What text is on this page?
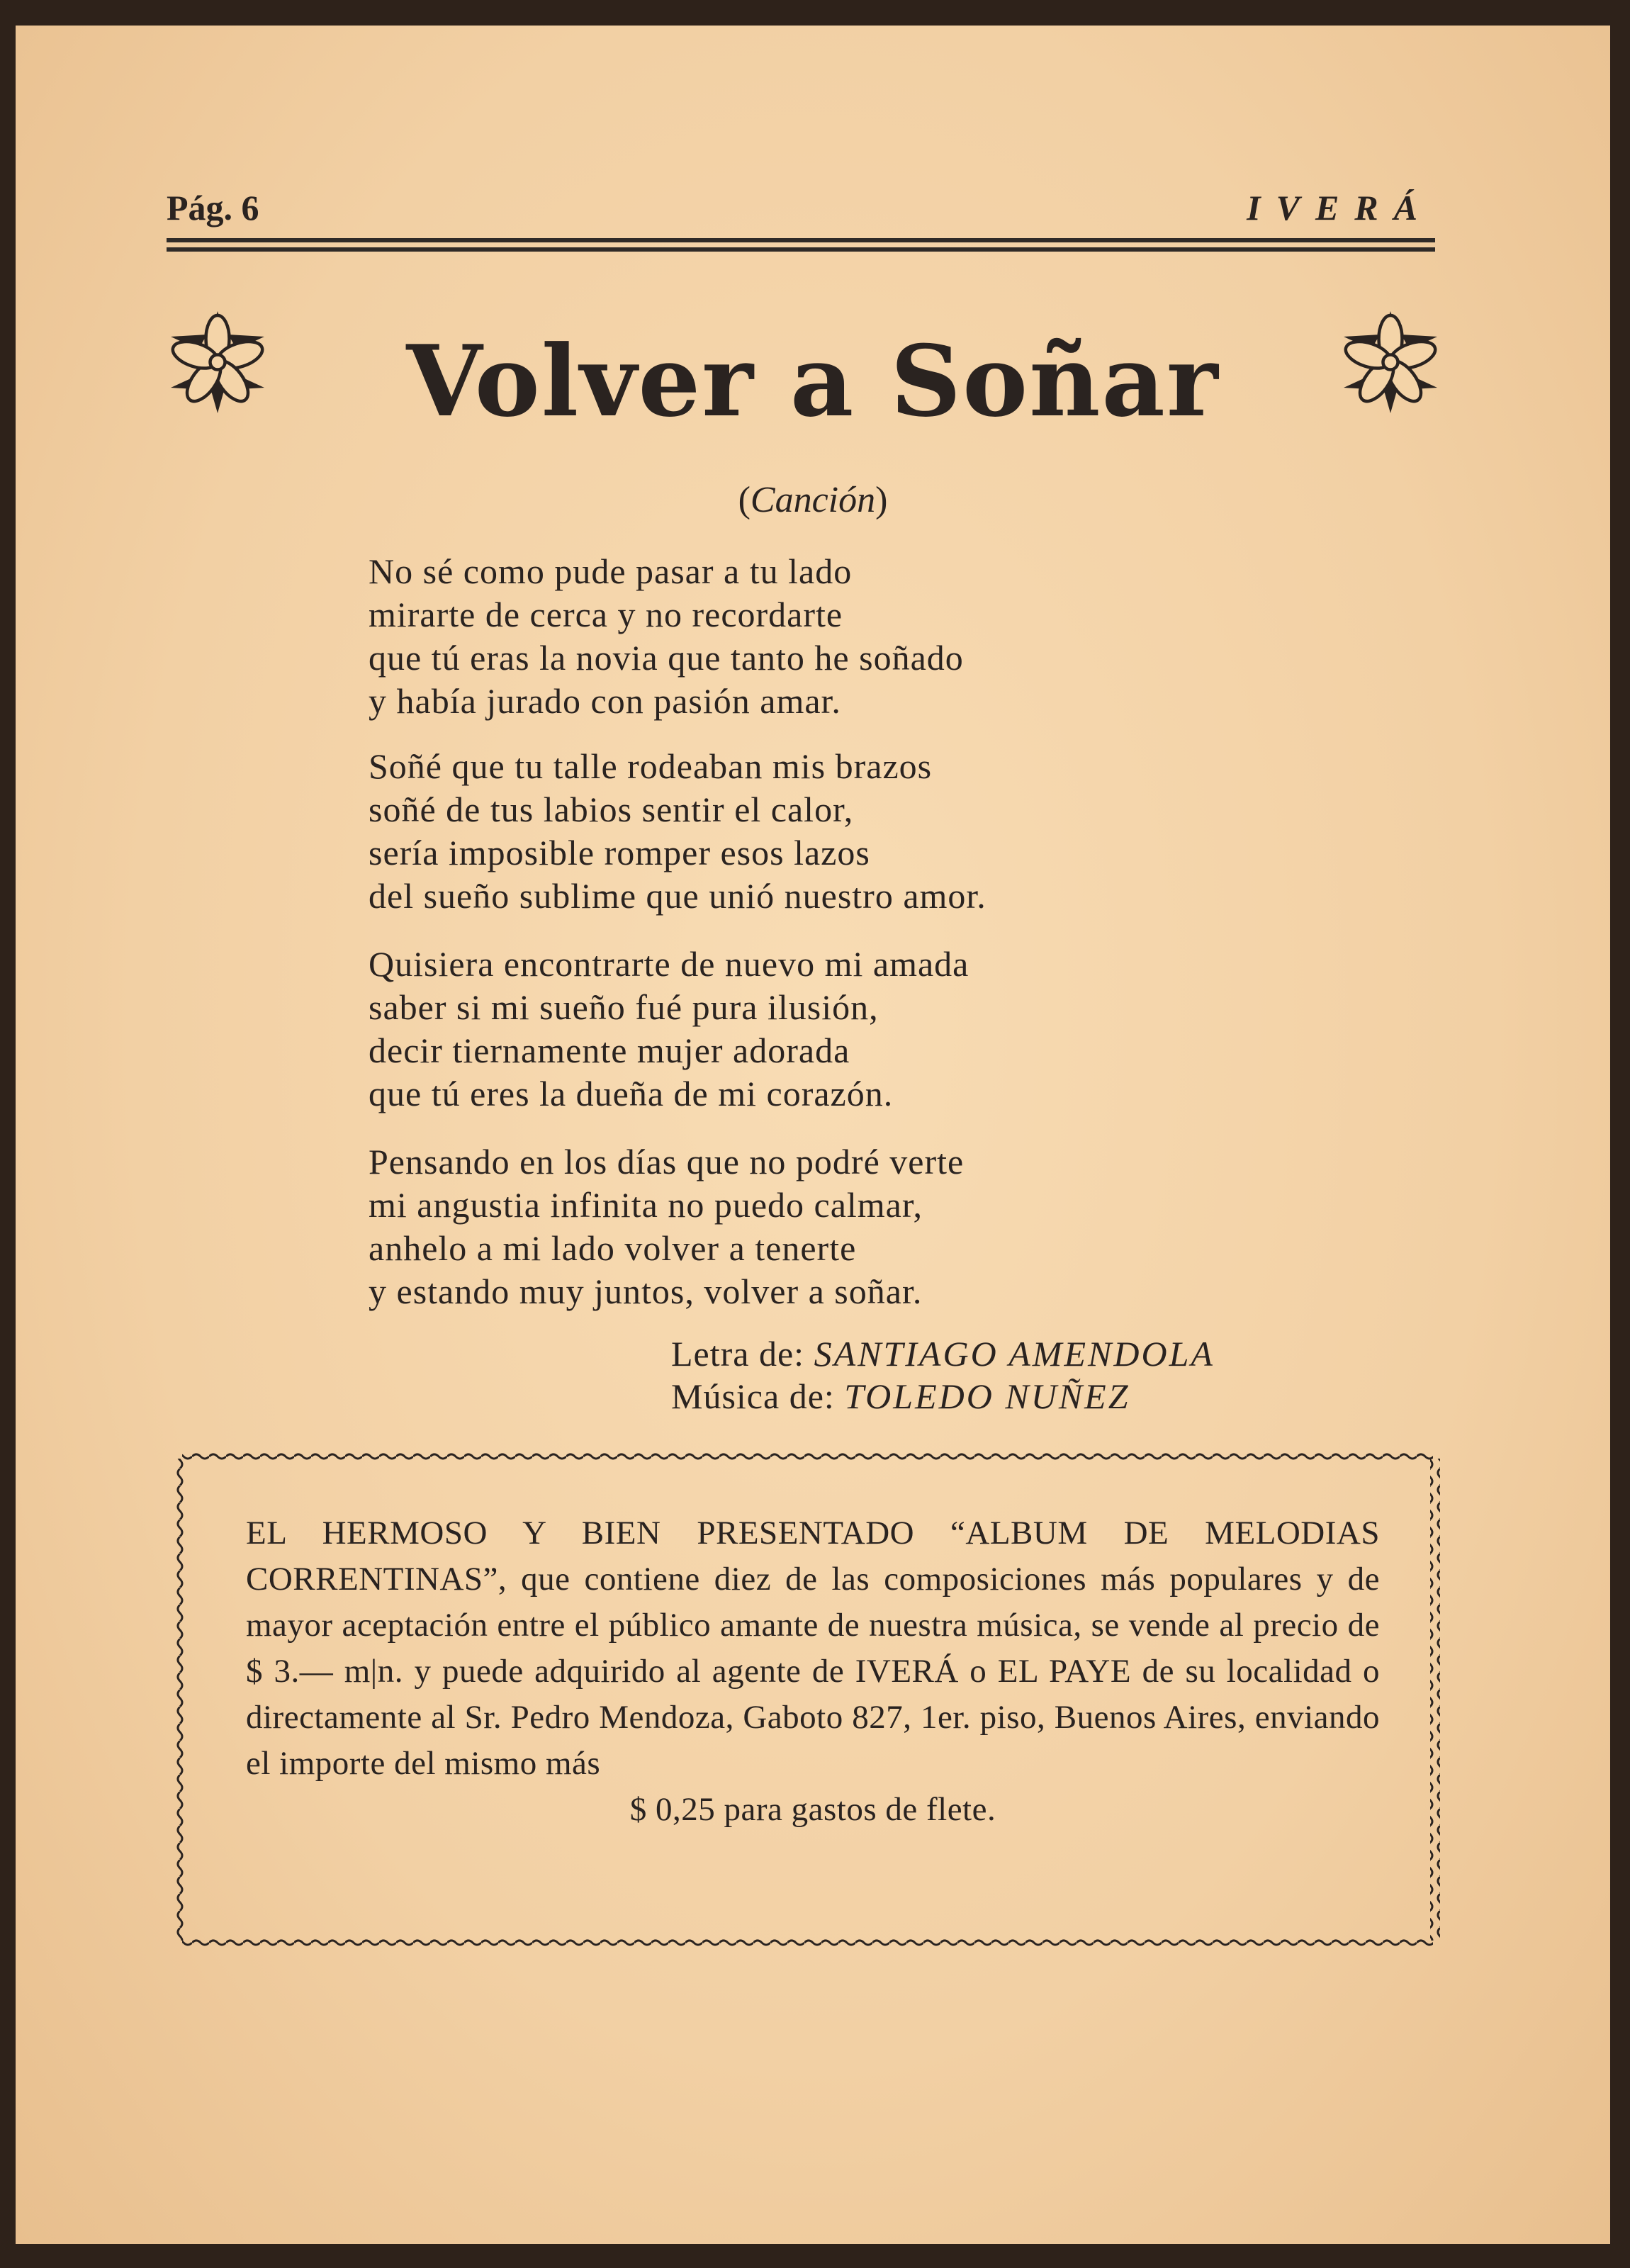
Pág. 6	IVERÁ
Volver a Soñar
(Canción)
No sé como pude pasar a tu lado
mirarte de cerca y no recordarte
que tú eras la novia que tanto he soñado
y había jurado con pasión amar.
Soñé que tu talle rodeaban mis brazos
soñé de tus labios sentir el calor,
sería imposible romper esos lazos
del sueño sublime que unió nuestro amor.
Quisiera encontrarte de nuevo mi amada
saber si mi sueño fué pura ilusión,
decir tiernamente mujer adorada
que tú eres la dueña de mi corazón.
Pensando en los días que no podré verte
mi angustia infinita no puedo calmar,
anhelo a mi lado volver a tenerte
y estando muy juntos, volver a soñar.
Letra de: SANTIAGO AMENDOLA
Música de: TOLEDO NUÑEZ
EL HERMOSO Y BIEN PRESENTADO “ALBUM DE MELODIAS CORRENTINAS”, que contiene diez de las composiciones más populares y de mayor aceptación entre el público amante de nuestra música, se vende al precio de $ 3.— m|n. y puede adquirido al agente de IVERÁ o EL PAYE de su localidad o directamente al Sr. Pedro Mendoza, Gaboto 827, 1er. piso, Buenos Aires, enviando el importe del mismo más
$ 0,25 para gastos de flete.
